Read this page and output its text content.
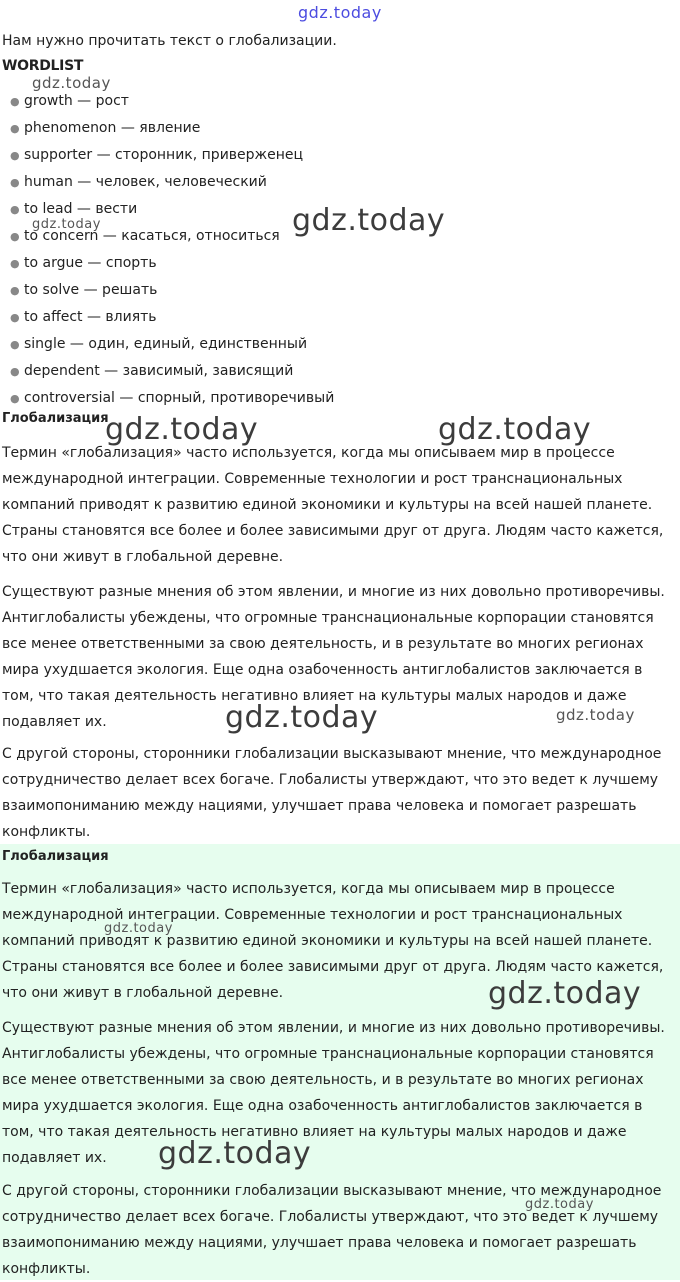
gdz.today
Нам нужно прочитать текст о глобализации.
WORDLIST
● growth — рост
● phenomenon — явление
● supporter — сторонник, приверженец
● human — человек, человеческий
● to lead — вести
● to concern — касаться, относиться
● to argue — спорть
● to solve — решать
● to affect — влиять
● single — один, единый, единственный
● dependent — зависимый, зависящий
● controversial — спорный, противоречивый
Глобализация
Термин «глобализация» часто используется, когда мы описываем мир в процессе
международной интеграции. Современные технологии и рост транснациональных
компаний приводят к развитию единой экономики и культуры на всей нашей планете.
Страны становятся все более и более зависимыми друг от друга. Людям часто кажется,
что они живут в глобальной деревне.
Существуют разные мнения об этом явлении, и многие из них довольно противоречивы.
Антиглобалисты убеждены, что огромные транснациональные корпорации становятся
все менее ответственными за свою деятельность, и в результате во многих регионах
мира ухудшается экология. Еще одна озабоченность антиглобалистов заключается в
том, что такая деятельность негативно влияет на культуры малых народов и даже
подавляет их.
С другой стороны, сторонники глобализации высказывают мнение, что международное
сотрудничество делает всех богаче. Глобалисты утверждают, что это ведет к лучшему
взаимопониманию между нациями, улучшает права человека и помогает разрешать
конфликты.
Глобализация
Термин «глобализация» часто используется, когда мы описываем мир в процессе
международной интеграции. Современные технологии и рост транснациональных
компаний приводят к развитию единой экономики и культуры на всей нашей планете.
Страны становятся все более и более зависимыми друг от друга. Людям часто кажется,
что они живут в глобальной деревне.
Существуют разные мнения об этом явлении, и многие из них довольно противоречивы.
Антиглобалисты убеждены, что огромные транснациональные корпорации становятся
все менее ответственными за свою деятельность, и в результате во многих регионах
мира ухудшается экология. Еще одна озабоченность антиглобалистов заключается в
том, что такая деятельность негативно влияет на культуры малых народов и даже
подавляет их.
С другой стороны, сторонники глобализации высказывают мнение, что международное
сотрудничество делает всех богаче. Глобалисты утверждают, что это ведет к лучшему
взаимопониманию между нациями, улучшает права человека и помогает разрешать
конфликты.
gdz.today
gdz.today	gdz.today
gdz.today	gdz.today
gdz.today	gdz.today
gdz.today
gdz.today
gdz.today
gdz.today
